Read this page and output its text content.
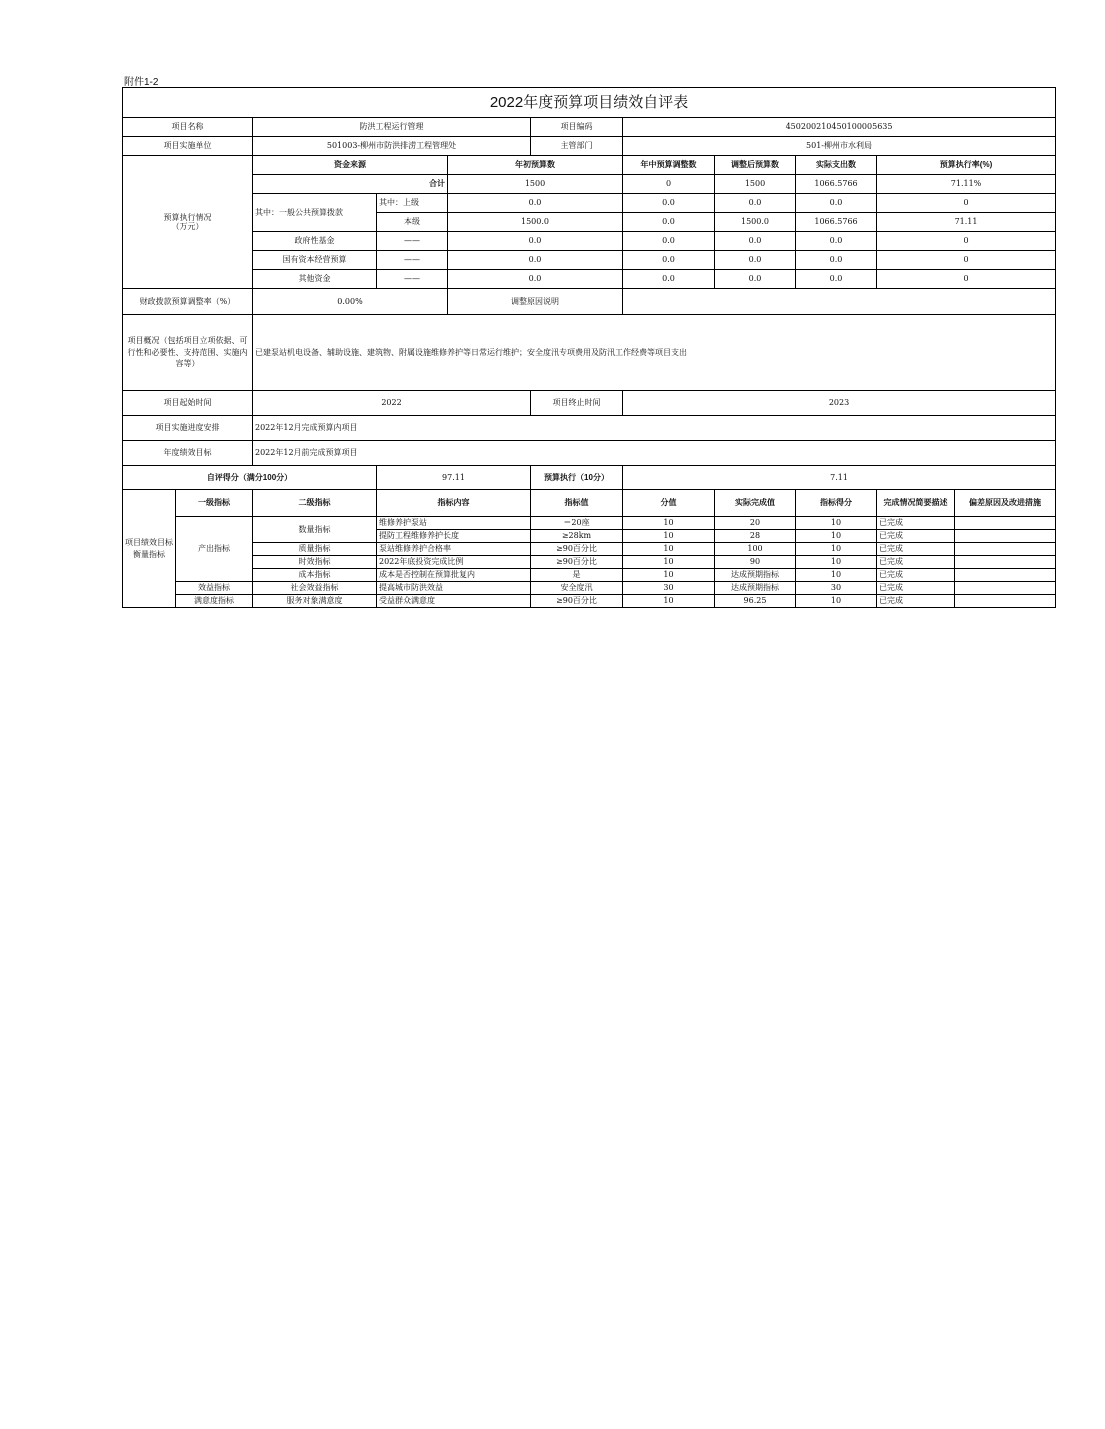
附件1-2
2022年度预算项目绩效自评表										
项目名称		防洪工程运行管理			项目编码	450200210450100005635				
项目实施单位		501003-柳州市防洪排涝工程管理处			主管部门	501-柳州市水利局				
预算执行情况
（万元）		资金来源		年初预算数		年中预算调整数	调整后预算数	实际支出数	预算执行率(%)	
		合计		1500		0	1500	1066.5766	71.11%	
		其中：一般公共预算拨款	其中：上级	0.0		0.0	0.0	0.0	0	
			本级	1500.0		0.0	1500.0	1066.5766	71.11	
		政府性基金	——	0.0		0.0	0.0	0.0	0	
		国有资本经营预算	——	0.0		0.0	0.0	0.0	0	
		其他资金	——	0.0		0.0	0.0	0.0	0	
财政拨款预算调整率（%）		0.00%		调整原因说明						
项目概况（包括项目立项依据、可行性和必要性、支持范围、实施内容等）		已建泵站机电设备、辅助设施、建筑物、附属设施维修养护等日常运行维护；安全度汛专项费用及防汛工作经费等项目支出								
项目起始时间		2022			项目终止时间	2023				
项目实施进度安排		2022年12月完成预算内项目								
年度绩效目标		2022年12月前完成预算项目								
自评得分（满分100分）			97.11		预算执行（10分）	7.11				
项目绩效目标衡量指标	一级指标	二级指标	指标内容		指标值	分值	实际完成值	指标得分	完成情况简要描述	偏差原因及改进措施
	产出指标	数量指标	维修养护泵站		＝20座	10	20	10	已完成	
			提防工程维修养护长度		≥28km	10	28	10	已完成	
		质量指标	泵站维修养护合格率		≥90百分比	10	100	10	已完成	
		时效指标	2022年底投资完成比例		≥90百分比	10	90	10	已完成	
		成本指标	成本是否控制在预算批复内		是	10	达成预期指标	10	已完成	
	效益指标	社会效益指标	提高城市防洪效益		安全度汛	30	达成预期指标	30	已完成	
	满意度指标	服务对象满意度	受益群众满意度		≥90百分比	10	96.25	10	已完成	
